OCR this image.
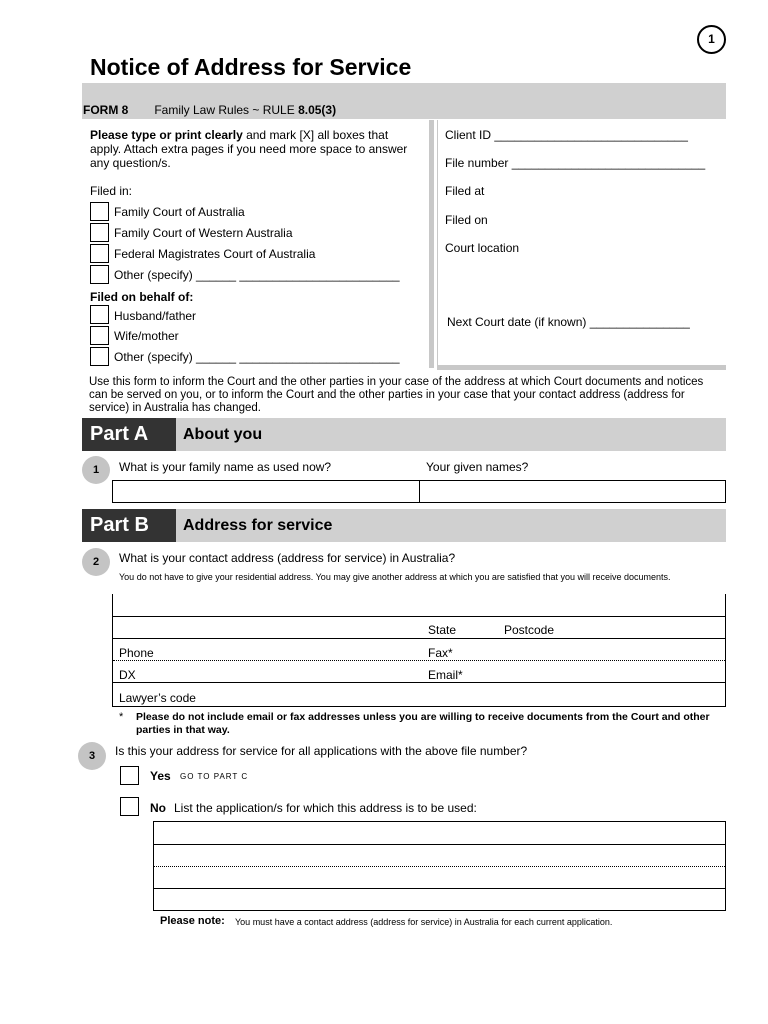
1
Notice of Address for Service
FORM 8 Family Law Rules ~ RULE 8.05(3)
Please type or print clearly and mark [X] all boxes that apply. Attach extra pages if you need more space to answer any question/s.
Filed in:
Family Court of Australia
Family Court of Western Australia
Federal Magistrates Court of Australia
Other (specify) ______ ________________________
Filed on behalf of:
Husband/father
Wife/mother
Other (specify) ______ ________________________
Client ID _____________________________
File number _____________________________
Filed at
Filed on
Court location
Next Court date (if known) _______________
Use this form to inform the Court and the other parties in your case of the address at which Court documents and notices can be served on you, or to inform the Court and the other parties in your case that your contact address (address for service) in Australia has changed.
Part A	About you
1	What is your family name as used now?	Your given names?
Part B	Address for service
2	What is your contact address (address for service) in Australia?
You do not have to give your residential address. You may give another address at which you are satisfied that you will receive documents.
State	Postcode
Phone	Fax*
DX	Email*
Lawyer’s code
* Please do not include email or fax addresses unless you are willing to receive documents from the Court and other parties in that way.
3	Is this your address for service for all applications with the above file number?
Yes GO TO PART C
No List the application/s for which this address is to be used:
Please note: You must have a contact address (address for service) in Australia for each current application.
